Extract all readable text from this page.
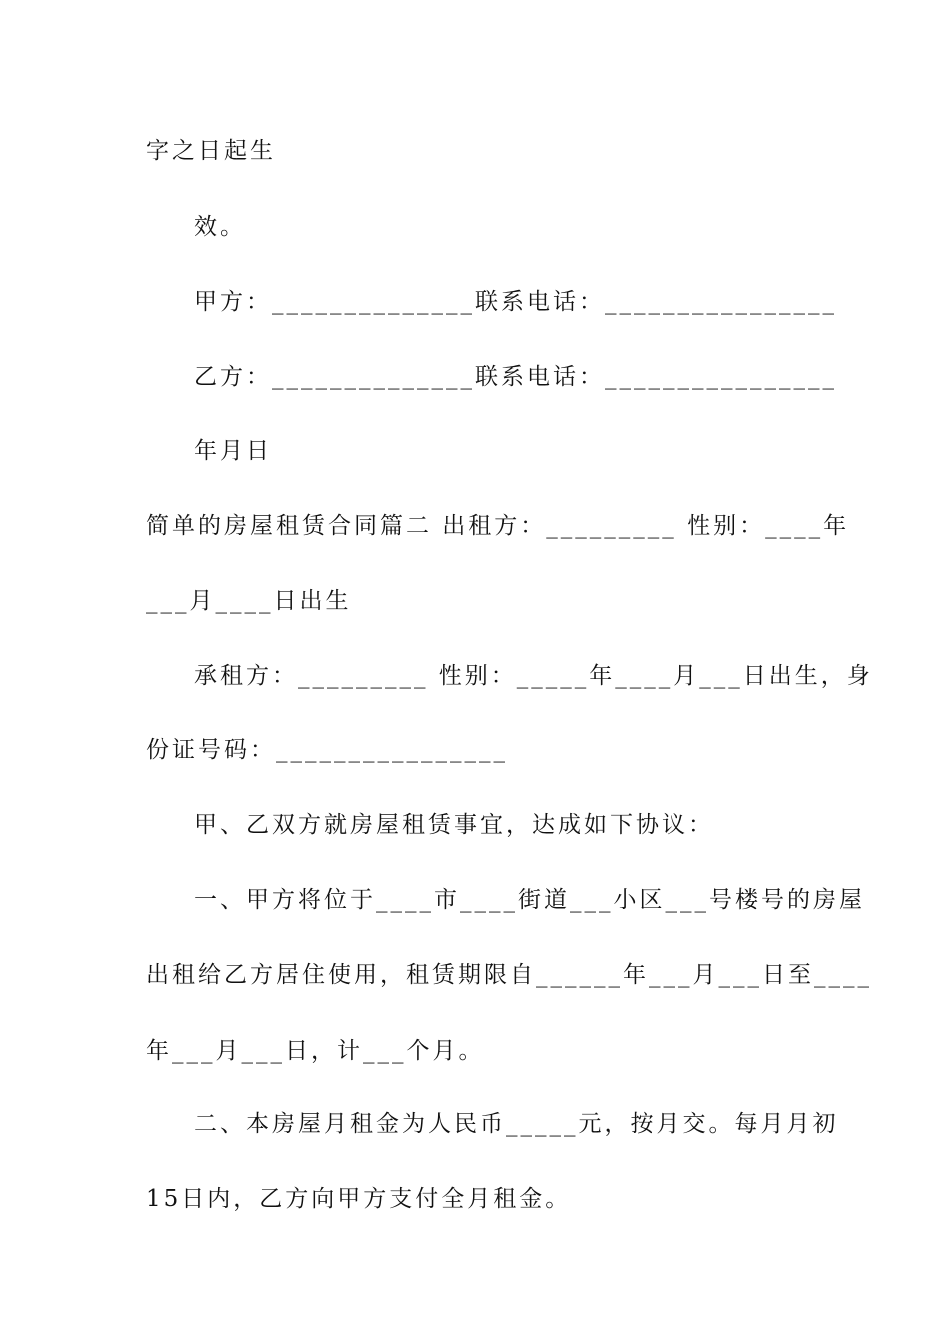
字之日起生
效。
甲方：______________联系电话：________________
乙方：______________联系电话：________________
年月日
简单的房屋租赁合同篇二 出租方：_________ 性别：____年
___月____日出生
承租方：_________ 性别：_____年____月___日出生，身
份证号码：________________
甲、乙双方就房屋租赁事宜，达成如下协议：
一、甲方将位于____市____街道___小区___号楼号的房屋
出租给乙方居住使用，租赁期限自______年___月___日至____
年___月___日，计___个月。
二、本房屋月租金为人民币_____元，按月交。每月月初
15日内，乙方向甲方支付全月租金。
